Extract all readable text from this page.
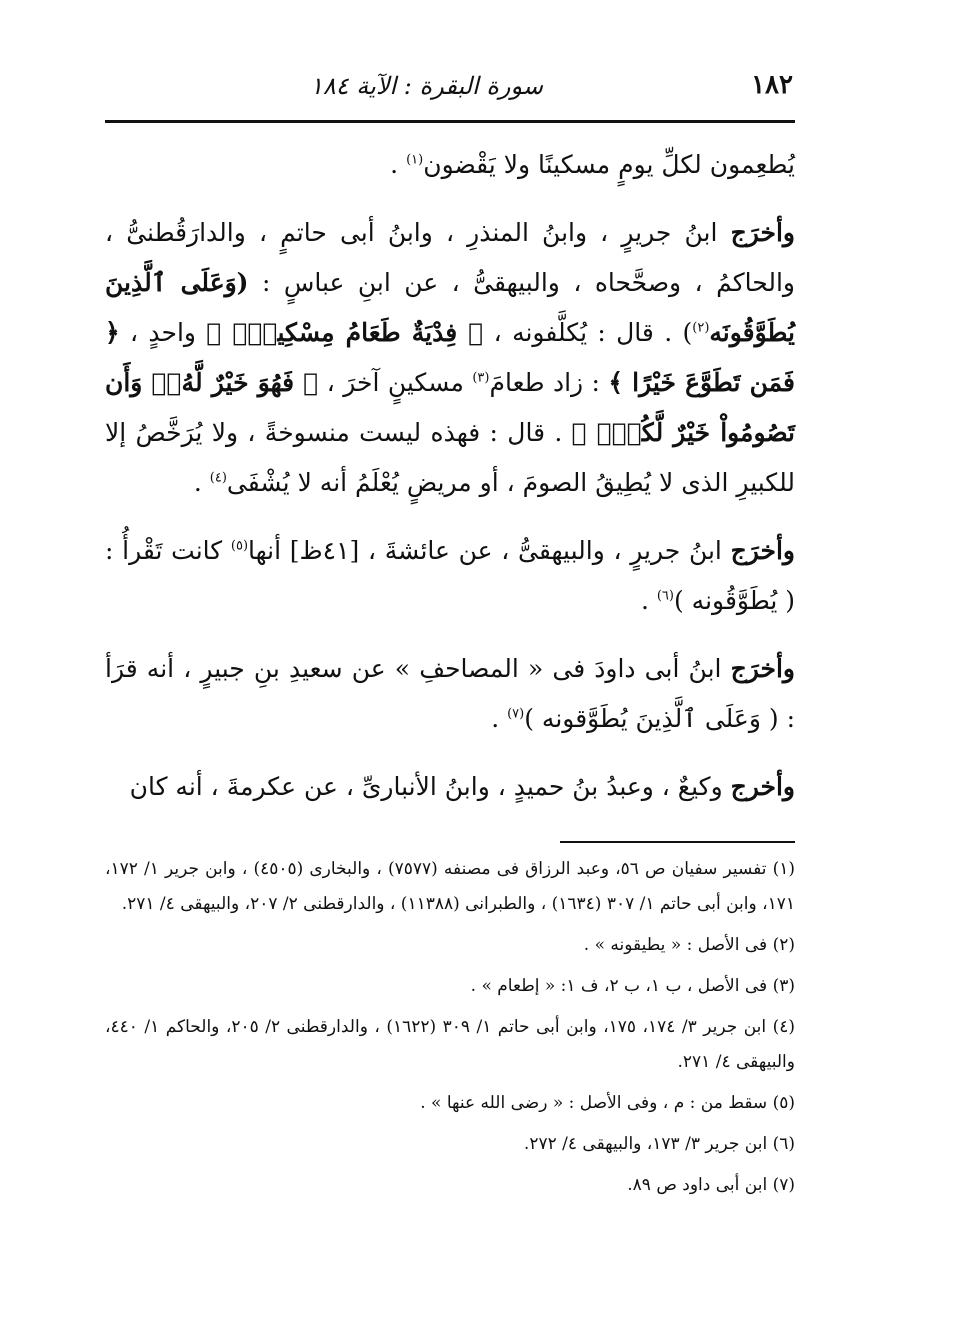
١٨٢
سورة البقرة : الآية ١٨٤

يُطعِمون لكلِّ يومٍ مسكينًا ولا يَقْضون$^{(١)}$ .

وأخرَج ابنُ جريرٍ ، وابنُ المنذرِ ، وابنُ أبى حاتمٍ ، والدارَقُطنىُّ ، والحاكمُ ، وصحَّحاه ، والبيهقىُّ ، عن ابنِ عباسٍ : (وَعَلَى ٱلَّذِينَ يُطَوَّقُونَه$^{(٢)}$) . قال : يُكلَّفونه ، ﴿ فِدْيَةٌ طَعَامُ مِسْكِينٍۖ ﴾ واحدٍ ، ﴿ فَمَن تَطَوَّعَ خَيْرًا ﴾ : زاد طعامَ$^{(٣)}$ مسكينٍ آخرَ ، ﴿ فَهُوَ خَيْرٌ لَّهُۥۚ وَأَن تَصُومُواْ خَيْرٌ لَّكُمْۖ ﴾ . قال : فهذه ليست منسوخةً ، ولا يُرَخَّصُ إلا للكبيرِ الذى لا يُطِيقُ الصومَ ، أو مريضٍ يُعْلَمُ أنه لا يُشْفَى$^{(٤)}$ .

وأخرَج ابنُ جريرٍ ، والبيهقىُّ ، عن عائشةَ ، [٤١ظ] أنها$^{(٥)}$ كانت تَقْرأُ : ( يُطَوَّقُونه )$^{(٦)}$ .

وأخرَج ابنُ أبى داودَ فى « المصاحفِ » عن سعيدِ بنِ جبيرٍ ، أنه قرَأ : ( وَعَلَى ٱلَّذِينَ يُطَوَّقونه )$^{(٧)}$ .

وأخرج وكيعٌ ، وعبدُ بنُ حميدٍ ، وابنُ الأنبارىِّ ، عن عكرمةَ ، أنه كان

(١) تفسير سفيان ص ٥٦، وعبد الرزاق فى مصنفه (٧٥٧٧) ، والبخارى (٤٥٠٥) ، وابن جرير ١/ ١٧٢، ١٧١، وابن أبى حاتم ١/ ٣٠٧ (١٦٣٤) ، والطبرانى (١١٣٨٨) ، والدارقطنى ٢/ ٢٠٧، والبيهقى ٤/ ٢٧١.

(٢) فى الأصل : « يطيقونه » .

(٣) فى الأصل ، ب ١، ب ٢، ف ١: « إطعام » .

(٤) ابن جرير ٣/ ١٧٤، ١٧٥، وابن أبى حاتم ١/ ٣٠٩ (١٦٢٢) ، والدارقطنى ٢/ ٢٠٥، والحاكم ١/ ٤٤٠، والبيهقى ٤/ ٢٧١.

(٥) سقط من : م ، وفى الأصل : « رضى الله عنها » .

(٦) ابن جرير ٣/ ١٧٣، والبيهقى ٤/ ٢٧٢.

(٧) ابن أبى داود ص ٨٩.
